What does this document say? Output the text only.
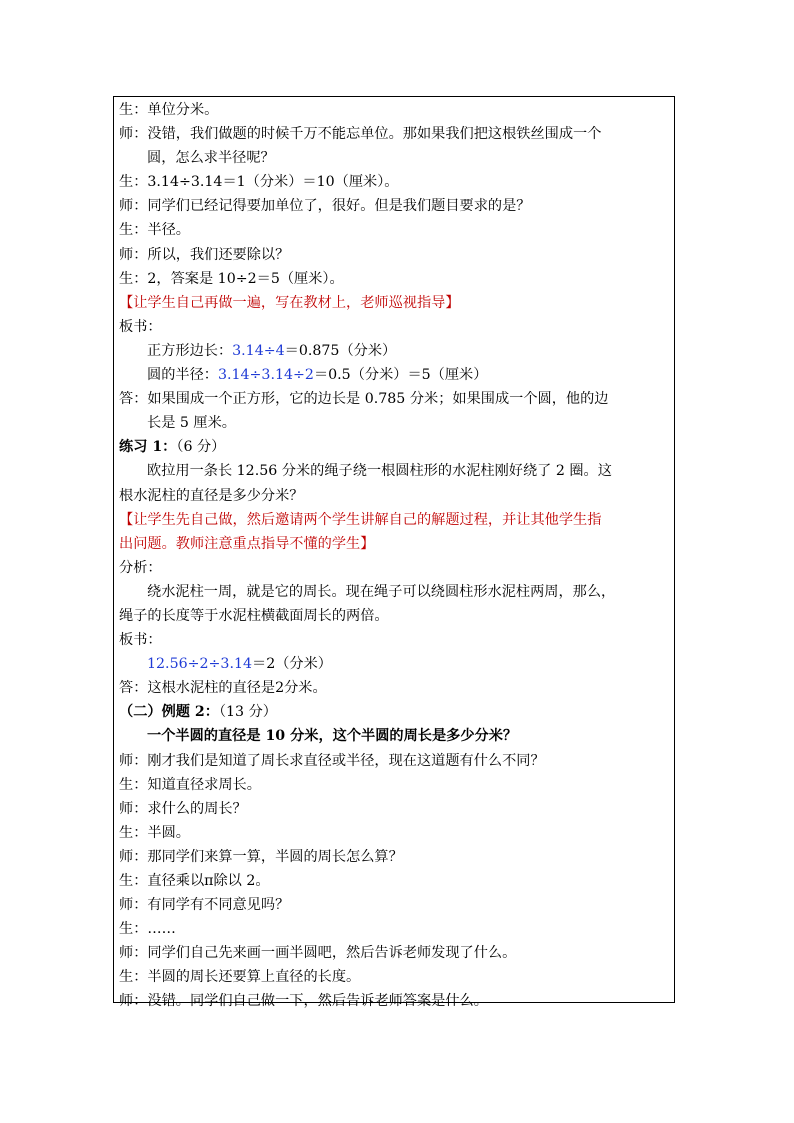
生：单位分米。
师：没错，我们做题的时候千万不能忘单位。那如果我们把这根铁丝围成一个
圆，怎么求半径呢？
生：3.14÷3.14＝1（分米）＝10（厘米）。
师：同学们已经记得要加单位了，很好。但是我们题目要求的是？
生：半径。
师：所以，我们还要除以？
生：2，答案是 10÷2＝5（厘米）。
【让学生自己再做一遍，写在教材上，老师巡视指导】
板书：
正方形边长：3.14÷4＝0.875（分米）
圆的半径：3.14÷3.14÷2＝0.5（分米）＝5（厘米）
答：如果围成一个正方形，它的边长是 0.785 分米；如果围成一个圆，他的边
长是 5 厘米。
练习 1：（6 分）
欧拉用一条长 12.56 分米的绳子绕一根圆柱形的水泥柱刚好绕了 2 圈。这
根水泥柱的直径是多少分米？
【让学生先自己做，然后邀请两个学生讲解自己的解题过程，并让其他学生指
出问题。教师注意重点指导不懂的学生】
分析：
绕水泥柱一周，就是它的周长。现在绳子可以绕圆柱形水泥柱两周，那么，
绳子的长度等于水泥柱横截面周长的两倍。
板书：
12.56÷2÷3.14＝2（分米）
答：这根水泥柱的直径是2分米。
（二）例题 2：（13 分）
一个半圆的直径是 10 分米，这个半圆的周长是多少分米？
师：刚才我们是知道了周长求直径或半径，现在这道题有什么不同？
生：知道直径求周长。
师：求什么的周长？
生：半圆。
师：那同学们来算一算，半圆的周长怎么算？
生：直径乘以π除以 2。
师：有同学有不同意见吗？
生：……
师：同学们自己先来画一画半圆吧，然后告诉老师发现了什么。
生：半圆的周长还要算上直径的长度。
师：没错。同学们自己做一下，然后告诉老师答案是什么。
